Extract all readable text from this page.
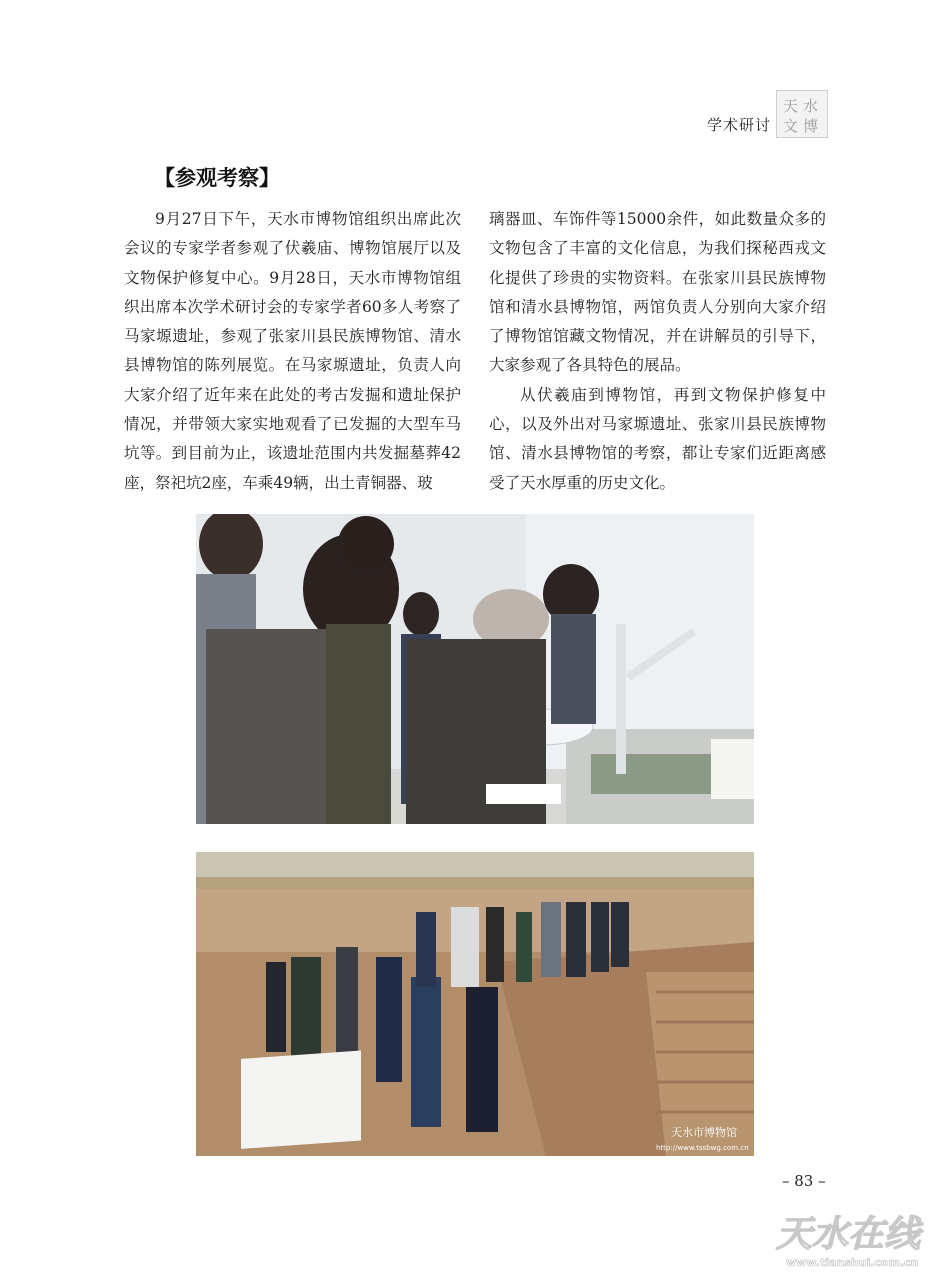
学术研讨
天 水
文 博
【参观考察】

9月27日下午，天水市博物馆组织出席此次会议的专家学者参观了伏羲庙、博物馆展厅以及文物保护修复中心。9月28日，天水市博物馆组织出席本次学术研讨会的专家学者60多人考察了马家塬遗址，参观了张家川县民族博物馆、清水县博物馆的陈列展览。在马家塬遗址，负责人向大家介绍了近年来在此处的考古发掘和遗址保护情况，并带领大家实地观看了已发掘的大型车马坑等。到目前为止，该遗址范围内共发掘墓葬42座，祭祀坑2座，车乘49辆，出土青铜器、玻

璃器皿、车饰件等15000余件，如此数量众多的文物包含了丰富的文化信息，为我们探秘西戎文化提供了珍贵的实物资料。在张家川县民族博物馆和清水县博物馆，两馆负责人分别向大家介绍了博物馆馆藏文物情况，并在讲解员的引导下，大家参观了各具特色的展品。

从伏羲庙到博物馆，再到文物保护修复中心，以及外出对马家塬遗址、张家川县民族博物馆、清水县博物馆的考察，都让专家们近距离感受了天水厚重的历史文化。

天水市博物馆
http://www.tssbwg.com.cn
– 83 –
天水在线
www.tianshui.com.cn
